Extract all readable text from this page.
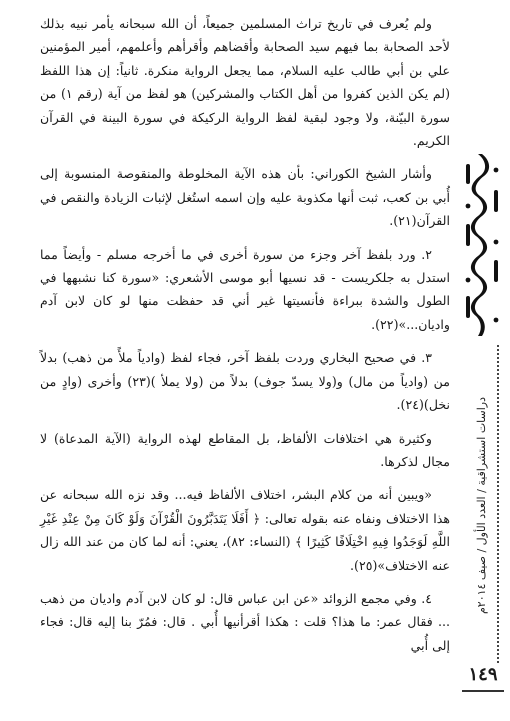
ولم يُعرف في تاريخ تراث المسلمين جميعاً، أن الله سبحانه يأمر نبيه بذلك لأحد الصحابة بما فيهم سيد الصحابة وأقضاهم وأقرأهم وأعلمهم، أمير المؤمنين علي بن أبي طالب عليه السلام، مما يجعل الرواية منكرة. ثانياً: إن هذا اللفظ (لم يكن الذين كفروا من أهل الكتاب والمشركين) هو لفظ من آية (رقم ١) من سورة البيّنة، ولا وجود لبقية لفظ الرواية الركيكة في سورة البينة في القرآن الكريم.

وأشار الشيخ الكوراني: بأن هذه الآية المخلوطة والمنقوصة المنسوبة إلى أُبي بن كعب، ثبت أنها مكذوبة عليه وإن اسمه استُغل لإثبات الزيادة والنقص في القرآن(٢١).

٢. ورد بلفظ آخر وجزء من سورة أخرى في ما أخرجه مسلم - وأيضاً مما استدل به جلكريست - قد نسيها أبو موسى الأشعري: «سورة كنا نشبهها في الطول والشدة ببراءة فأنسيتها غير أني قد حفظت منها لو كان لابن آدم واديان...»(٢٢).

٣. في صحيح البخاري وردت بلفظ آخر، فجاء لفظ (وادياً ملأً من ذهب) بدلاً من (وادياً من مال) و(ولا يسدّ جوف) بدلاً من (ولا يملأ )(٢٣) وأخرى (وادٍ من نخل)(٢٤).

وكثيرة هي اختلافات الألفاظ، بل المقاطع لهذه الرواية (الآية المدعاة) لا مجال لذكرها.

«ويبين أنه من كلام البشر، اختلاف الألفاظ فيه... وقد نزه الله سبحانه عن هذا الاختلاف ونفاه عنه بقوله تعالى: ﴿ أَفَلَا يَتَدَبَّرُونَ الْقُرْآنَ وَلَوْ كَانَ مِنْ عِنْدِ غَيْرِ اللَّهِ لَوَجَدُوا فِيهِ اخْتِلَافًا كَثِيرًا ﴾ (النساء: ٨٢)، يعني: أنه لما كان من عند الله زال عنه الاختلاف»(٢٥).

٤. وفي مجمع الزوائد «عن ابن عباس قال: لو كان لابن آدم واديان من ذهب ... فقال عمر: ما هذا؟ قلت : هكذا أقرأنيها أُبي . قال: فمُرّ بنا إليه قال: فجاء إلى أُبي

دراسات استشراقية / العدد الأول / صيف ٢٠١٤م
١٤٩
